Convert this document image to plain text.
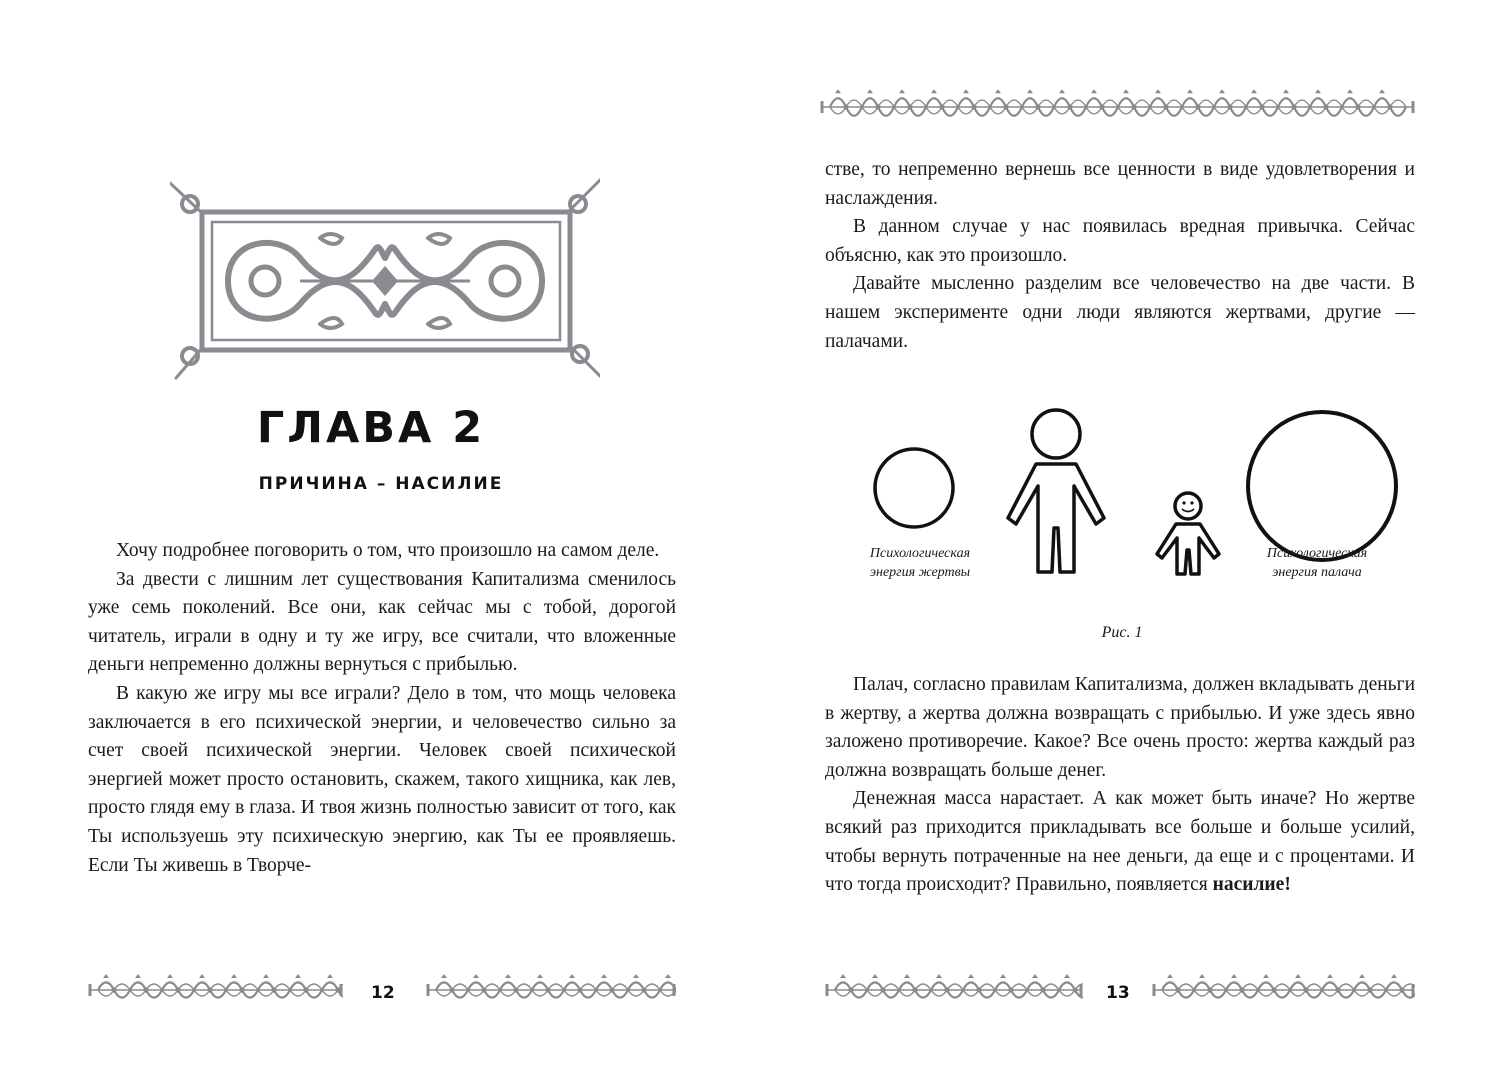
ГЛАВА 2
ПРИЧИНА – НАСИЛИЕ

Хочу подробнее поговорить о том, что произошло на самом деле.

За двести с лишним лет существования Капитализма сменилось уже семь поколений. Все они, как сейчас мы с тобой, дорогой читатель, играли в одну и ту же игру, все считали, что вложенные деньги непременно должны вернуться с прибылью.

В какую же игру мы все играли? Дело в том, что мощь человека заключается в его психической энергии, и человечество сильно за счет своей психической энергии. Человек своей психической энергией может просто остановить, скажем, такого хищника, как лев, просто глядя ему в глаза. И твоя жизнь полностью зависит от того, как Ты используешь эту психическую энергию, как Ты ее проявляешь. Если Ты живешь в Творче-

12

стве, то непременно вернешь все ценности в виде удовлетворения и наслаждения.

В данном случае у нас появилась вредная привычка. Сейчас объясню, как это произошло.

Давайте мысленно разделим все человечество на две части. В нашем эксперименте одни люди являются жертвами, другие — палачами.

Психологическая
энергия жертвы
Психологическая
энергия палача
Рис. 1

Палач, согласно правилам Капитализма, должен вкладывать деньги в жертву, а жертва должна возвращать с прибылью. И уже здесь явно заложено противоречие. Какое? Все очень просто: жертва каждый раз должна возвращать больше денег.

Денежная масса нарастает. А как может быть иначе? Но жертве всякий раз приходится прикладывать все больше и больше усилий, чтобы вернуть потраченные на нее деньги, да еще и с процентами. И что тогда происходит? Правильно, появляется насилие!

13
